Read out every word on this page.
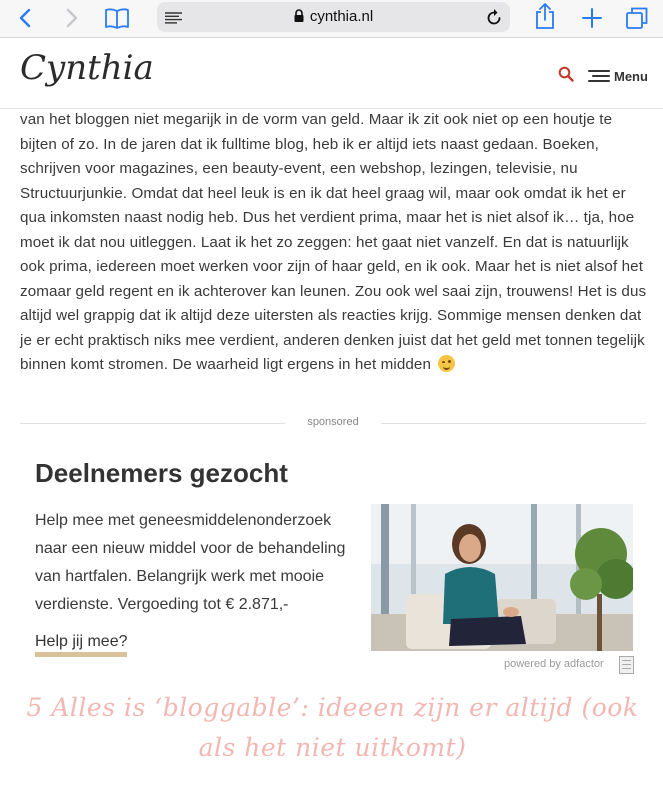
cynthia.nl
Cynthia	Menu
van het bloggen niet megarijk in de vorm van geld. Maar ik zit ook niet op een houtje te bijten of zo. In de jaren dat ik fulltime blog, heb ik er altijd iets naast gedaan. Boeken, schrijven voor magazines, een beauty-event, een webshop, lezingen, televisie, nu Structuurjunkie. Omdat dat heel leuk is en ik dat heel graag wil, maar ook omdat ik het er qua inkomsten naast nodig heb. Dus het verdient prima, maar het is niet alsof ik… tja, hoe moet ik dat nou uitleggen. Laat ik het zo zeggen: het gaat niet vanzelf. En dat is natuurlijk ook prima, iedereen moet werken voor zijn of haar geld, en ik ook. Maar het is niet alsof het zomaar geld regent en ik achterover kan leunen. Zou ook wel saai zijn, trouwens! Het is dus altijd wel grappig dat ik altijd deze uitersten als reacties krijg. Sommige mensen denken dat je er echt praktisch niks mee verdient, anderen denken juist dat het geld met tonnen tegelijk binnen komt stromen. De waarheid ligt ergens in het midden
sponsored
Deelnemers gezocht
Help mee met geneesmiddelenonderzoek naar een nieuw middel voor de behandeling van hartfalen. Belangrijk werk met mooie verdienste. Vergoeding tot € 2.871,-
Help jij mee?
powered by adfactor
5 Alles is ‘bloggable’: ideeen zijn er altijd (ook als het niet uitkomt)
